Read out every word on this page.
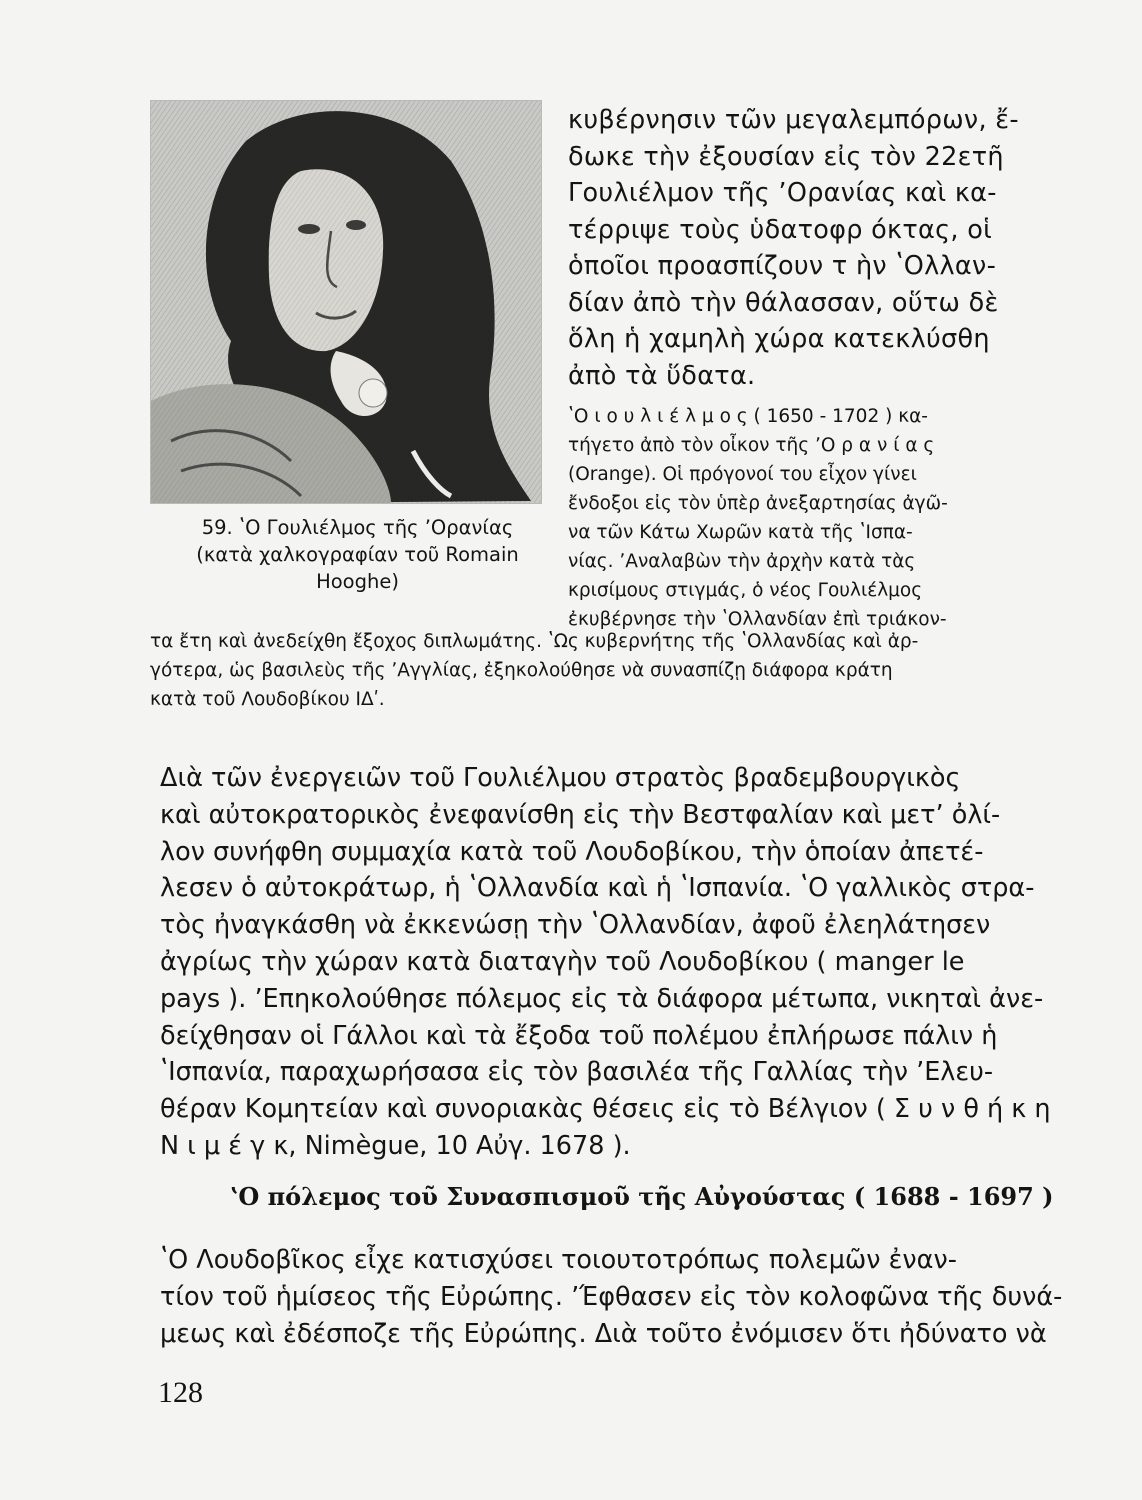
59. ʽΟ Γουλιέλμος τῆς ʼΟρανίας
(κατὰ χαλκογραφίαν τοῦ Romain
Hooghe)
κυβέρνησιν τῶν μεγαλεμπόρων, ἔ-
δωκε τὴν ἐξουσίαν εἰς τὸν 22ετῆ
Γουλιέλμον τῆς ʼΟρανίας καὶ κα-
τέρριψε τοὺς ὑδατοφρ όκτας, οἱ
ὁποῖοι προασπίζουν τ ὴν ʽΟλλαν-
δίαν ἀπὸ τὴν θάλασσαν, οὕτω δὲ
ὅλη ἡ χαμηλὴ χώρα κατεκλύσθη
ἀπὸ τὰ ὕδατα.
ʽΟ ι ο υ λ ι έ λ μ ο ς ( 1650 - 1702 ) κα-
τήγετο ἀπὸ τὸν οἶκον τῆς ʼΟ ρ α ν ί α ς
(Orange). Οἱ πρόγονοί του εἶχον γίνει
ἔνδοξοι εἰς τὸν ὑπὲρ ἀνεξαρτησίας ἀγῶ-
να τῶν Κάτω Χωρῶν κατὰ τῆς ʽΙσπα-
νίας. ʼΑναλαβὼν τὴν ἀρχὴν κατὰ τὰς
κρισίμους στιγμάς, ὁ νέος Γουλιέλμος
ἐκυβέρνησε τὴν ʽΟλλανδίαν ἐπὶ τριάκον-
τα ἔτη καὶ ἀνεδείχθη ἔξοχος διπλωμάτης. ʽΩς κυβερνήτης τῆς ʽΟλλανδίας καὶ ἀρ-
γότερα, ὡς βασιλεὺς τῆς ʼΑγγλίας, ἐξηκολούθησε νὰ συνασπίζῃ διάφορα κράτη
κατὰ τοῦ Λουδοβίκου ΙΔʹ.
Διὰ τῶν ἐνεργειῶν τοῦ Γουλιέλμου στρατὸς βραδεμβουργικὸς
καὶ αὐτοκρατορικὸς ἐνεφανίσθη εἰς τὴν Βεστφαλίαν καὶ μετʼ ὀλί-
λον συνήφθη συμμαχία κατὰ τοῦ Λουδοβίκου, τὴν ὁποίαν ἀπετέ-
λεσεν ὁ αὐτοκράτωρ, ἡ ʽΟλλανδία καὶ ἡ ʽΙσπανία. ʽΟ γαλλικὸς στρα-
τὸς ἠναγκάσθη νὰ ἐκκενώσῃ τὴν ʽΟλλανδίαν, ἀφοῦ ἐλεηλάτησεν
ἀγρίως τὴν χώραν κατὰ διαταγὴν τοῦ Λουδοβίκου ( manger le
pays ). ʼΕπηκολούθησε πόλεμος εἰς τὰ διάφορα μέτωπα, νικηταὶ ἀνε-
δείχθησαν οἱ Γάλλοι καὶ τὰ ἔξοδα τοῦ πολέμου ἐπλήρωσε πάλιν ἡ
ʽΙσπανία, παραχωρήσασα εἰς τὸν βασιλέα τῆς Γαλλίας τὴν ʼΕλευ-
θέραν Κομητείαν καὶ συνοριακὰς θέσεις εἰς τὸ Βέλγιον ( Σ υ ν θ ή κ η
Ν ι μ έ γ κ, Nimègue, 10 Αὐγ. 1678 ).
ʽΟ πόλεμος τοῦ Συνασπισμοῦ τῆς Αὐγούστας ( 1688 - 1697 )
ʽΟ Λουδοβῖκος εἶχε κατισχύσει τοιουτοτρόπως πολεμῶν ἐναν-
τίον τοῦ ἡμίσεος τῆς Εὐρώπης. ʼΈφθασεν εἰς τὸν κολοφῶνα τῆς δυνά-
μεως καὶ ἐδέσποζε τῆς Εὐρώπης. Διὰ τοῦτο ἐνόμισεν ὅτι ἠδύνατο νὰ
128
